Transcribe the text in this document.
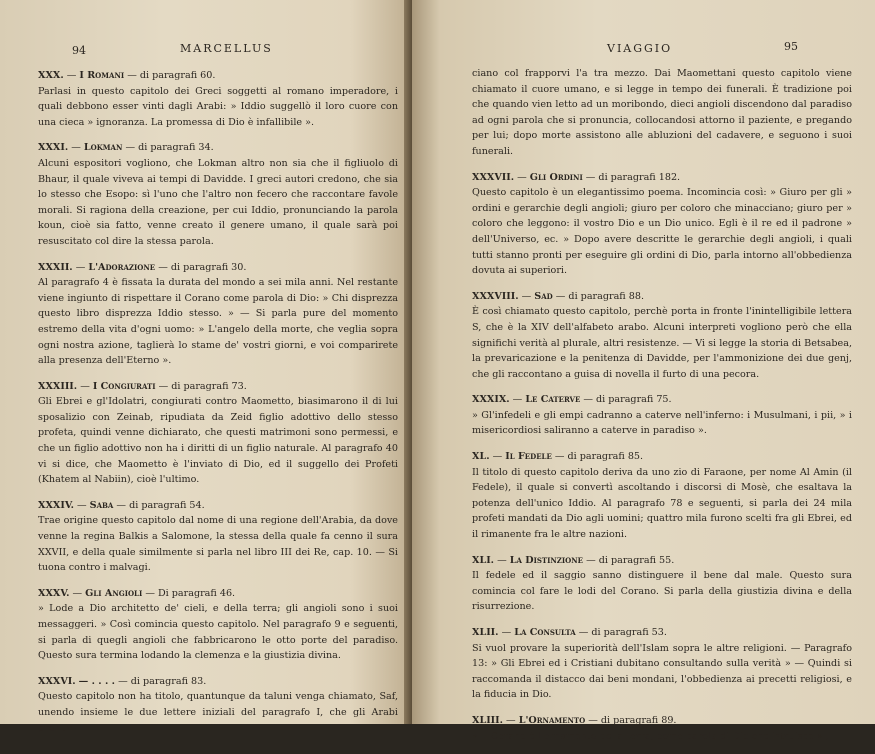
94	MARCELLUS

XXX. — I Romani — di paragrafi 60.

Parlasi in questo capitolo dei Greci soggetti al romano imperadore, i quali debbono esser vinti dagli Arabi: » Iddio suggellò il loro cuore con una cieca » ignoranza. La promessa di Dio è infallibile ».

XXXI. — Lokman — di paragrafi 34.

Alcuni espositori vogliono, che Lokman altro non sia che il figliuolo di Bhaur, il quale viveva ai tempi di Davidde. I greci autori credono, che sia lo stesso che Esopo: sì l'uno che l'altro non fecero che raccontare favole morali. Si ragiona della creazione, per cui Iddio, pronunciando la parola koun, cioè sia fatto, venne creato il genere umano, il quale sarà poi resuscitato col dire la stessa parola.

XXXII. — L'Adorazione — di paragrafi 30.

Al paragrafo 4 è fissata la durata del mondo a sei mila anni. Nel restante viene ingiunto di rispettare il Corano come parola di Dio: » Chi disprezza questo libro disprezza Iddio stesso. » — Si parla pure del momento estremo della vita d'ogni uomo: » L'angelo della morte, che veglia sopra ogni nostra azione, taglierà lo stame de' vostri giorni, e voi comparirete alla presenza dell'Eterno ».

XXXIII. — I Congiurati — di paragrafi 73.

Gli Ebrei e gl'Idolatri, congiurati contro Maometto, biasimarono il di lui sposalizio con Zeinab, ripudiata da Zeid figlio adottivo dello stesso profeta, quindi venne dichiarato, che questi matrimoni sono permessi, e che un figlio adottivo non ha i diritti di un figlio naturale. Al paragrafo 40 vi si dice, che Maometto è l'inviato di Dio, ed il suggello dei Profeti (Khatem al Nabiin), cioè l'ultimo.

XXXIV. — Saba — di paragrafi 54.

Trae origine questo capitolo dal nome di una regione dell'Arabia, da dove venne la regina Balkis a Salomone, la stessa della quale fa cenno il sura XXVII, e della quale similmente si parla nel libro III dei Re, cap. 10. — Si tuona contro i malvagi.

XXXV. — Gli Angioli — Di paragrafi 46.

» Lode a Dio architetto de' cieli, e della terra; gli angioli sono i suoi messaggeri. » Così comincia questo capitolo. Nel paragrafo 9 e seguenti, si parla di quegli angioli che fabbricarono le otto porte del paradiso. Questo sura termina lodando la clemenza e la giustizia divina.

XXXVI. — . . . . — di paragrafi 83.

Questo capitolo non ha titolo, quantunque da taluni venga chiamato, Saf, unendo insieme le due lettere iniziali del paragrafo I, che gli Arabi pronun-

VIAGGIO	95

ciano col frapporvi l'a tra mezzo. Dai Maomettani questo capitolo viene chiamato il cuore umano, e si legge in tempo dei funerali. È tradizione poi che quando vien letto ad un moribondo, dieci angioli discendono dal paradiso ad ogni parola che si pronuncia, collocandosi attorno il paziente, e pregando per lui; dopo morte assistono alle abluzioni del cadavere, e seguono i suoi funerali.

XXXVII. — Gli Ordini — di paragrafi 182.

Questo capitolo è un elegantissimo poema. Incomincia così: » Giuro per gli » ordini e gerarchie degli angioli; giuro per coloro che minacciano; giuro per » coloro che leggono: il vostro Dio e un Dio unico. Egli è il re ed il padrone » dell'Universo, ec. » Dopo avere descritte le gerarchie degli angioli, i quali tutti stanno pronti per eseguire gli ordini di Dio, parla intorno all'obbedienza dovuta ai superiori.

XXXVIII. — Sad — di paragrafi 88.

È così chiamato questo capitolo, perchè porta in fronte l'inintelligibile lettera S, che è la XIV dell'alfabeto arabo. Alcuni interpreti vogliono però che ella significhi verità al plurale, altri resistenze. — Vi si legge la storia di Betsabea, la prevaricazione e la penitenza di Davidde, per l'ammonizione dei due genj, che gli raccontano a guisa di novella il furto di una pecora.

XXXIX. — Le Caterve — di paragrafi 75.

» Gl'infedeli e gli empi cadranno a caterve nell'inferno: i Musulmani, i pii, » i misericordiosi saliranno a caterve in paradiso ».

XL. — Il Fedele — di paragrafi 85.

Il titolo di questo capitolo deriva da uno zio di Faraone, per nome Al Amin (il Fedele), il quale si convertì ascoltando i discorsi di Mosè, che esaltava la potenza dell'unico Iddio. Al paragrafo 78 e seguenti, si parla dei 24 mila profeti mandati da Dio agli uomini; quattro mila furono scelti fra gli Ebrei, ed il rimanente fra le altre nazioni.

XLI. — La Distinzione — di paragrafi 55.

Il fedele ed il saggio sanno distinguere il bene dal male. Questo sura comincia col fare le lodi del Corano. Si parla della giustizia divina e della risurrezione.

XLII. — La Consulta — di paragrafi 53.

Si vuol provare la superiorità dell'Islam sopra le altre religioni. — Paragrafo 13: » Gli Ebrei ed i Cristiani dubitano consultando sulla verità » — Quindi si raccomanda il distacco dai beni mondani, l'obbedienza ai precetti religiosi, e la fiducia in Dio.

XLIII. — L'Ornamento — di paragrafi 89.

» Il Corano è l'ornamento della terra, come parola di Dio che istruisce » ;
